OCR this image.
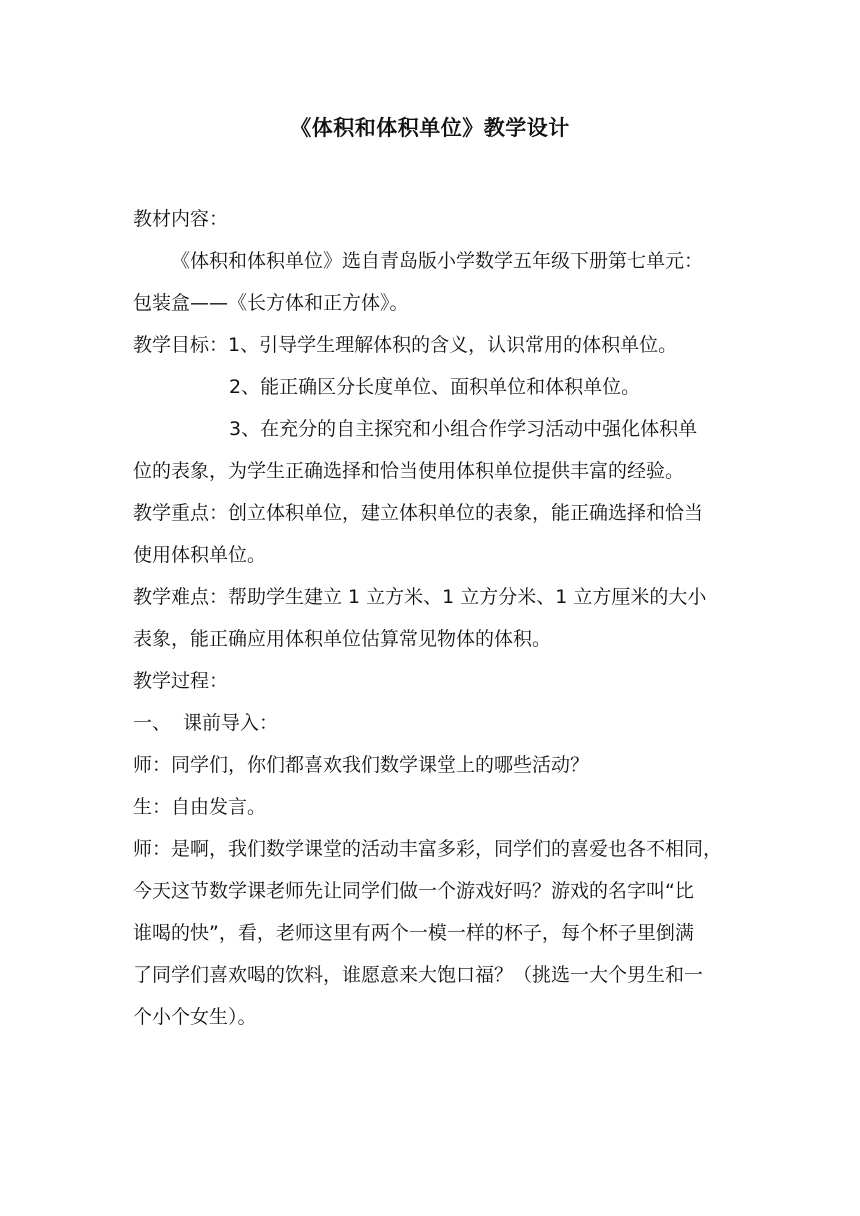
《体积和体积单位》教学设计
教材内容：
《体积和体积单位》选自青岛版小学数学五年级下册第七单元：
包装盒——《长方体和正方体》。
教学目标：1、引导学生理解体积的含义，认识常用的体积单位。
2、能正确区分长度单位、面积单位和体积单位。
3、在充分的自主探究和小组合作学习活动中强化体积单
位的表象，为学生正确选择和恰当使用体积单位提供丰富的经验。
教学重点：创立体积单位，建立体积单位的表象，能正确选择和恰当
使用体积单位。
教学难点：帮助学生建立 1 立方米、1 立方分米、1 立方厘米的大小
表象，能正确应用体积单位估算常见物体的体积。
教学过程：
一、 课前导入：
师：同学们，你们都喜欢我们数学课堂上的哪些活动？
生：自由发言。
师：是啊，我们数学课堂的活动丰富多彩，同学们的喜爱也各不相同，
今天这节数学课老师先让同学们做一个游戏好吗？游戏的名字叫“比
谁喝的快”，看，老师这里有两个一模一样的杯子，每个杯子里倒满
了同学们喜欢喝的饮料，谁愿意来大饱口福？（挑选一大个男生和一
个小个女生）。
